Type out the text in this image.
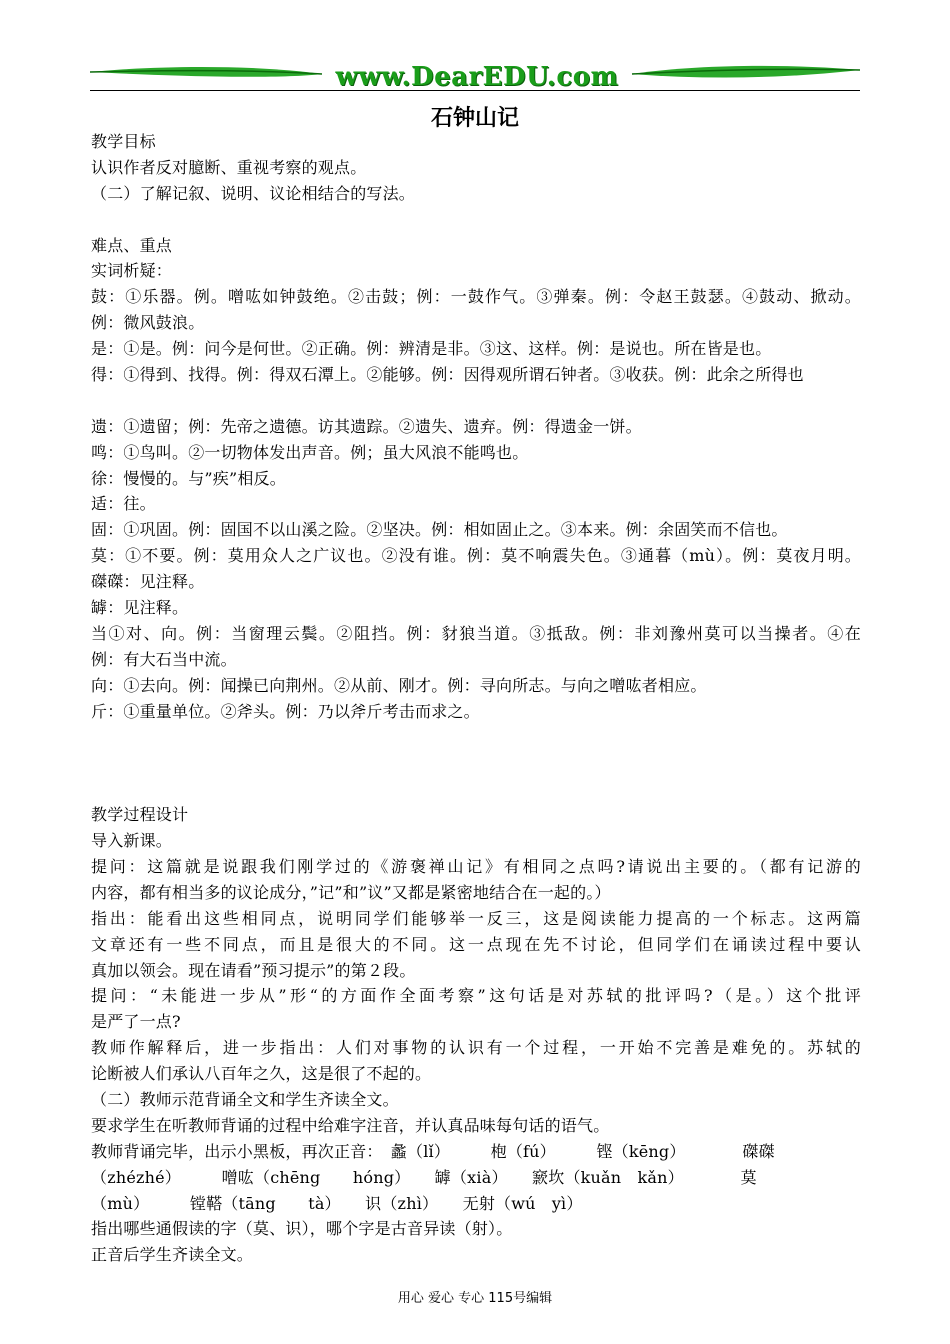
www.DearEDU.com
石钟山记
教学目标
认识作者反对臆断、重视考察的观点。
（二）了解记叙、说明、议论相结合的写法。
难点、重点
实词析疑：
鼓：①乐器。例。噌吰如钟鼓绝。②击鼓；例：一鼓作气。③弹秦。例：令赵王鼓瑟。④鼓动、掀动。
例：微风鼓浪。
是：①是。例：问今是何世。②正确。例：辨清是非。③这、这样。例：是说也。所在皆是也。
得：①得到、找得。例：得双石潭上。②能够。例：因得观所谓石钟者。③收获。例：此余之所得也
遗：①遗留；例：先帝之遗德。访其遗踪。②遗失、遗弃。例：得遗金一饼。
鸣：①鸟叫。②一切物体发出声音。例；虽大风浪不能鸣也。
徐：慢慢的。与”疾”相反。
适：往。
固：①巩固。例：固国不以山溪之险。②坚决。例：相如固止之。③本来。例：余固笑而不信也。
莫：①不要。例：莫用众人之广议也。②没有谁。例：莫不响震失色。③通暮（mù）。例：莫夜月明。
磔磔：见注释。
罅：见注释。
当①对、向。例：当窗理云鬓。②阻挡。例：豺狼当道。③抵敌。例：非刘豫州莫可以当操者。④在
例：有大石当中流。
向：①去向。例：闻操已向荆州。②从前、刚才。例：寻向所志。与向之噌吰者相应。
斤：①重量单位。②斧头。例：乃以斧斤考击而求之。
教学过程设计
导入新课。
提问：这篇就是说跟我们刚学过的《游褒禅山记》有相同之点吗?请说出主要的。（都有记游的
内容，都有相当多的议论成分，”记”和”议”又都是紧密地结合在一起的。）
指出：能看出这些相同点，说明同学们能够举一反三，这是阅读能力提高的一个标志。这两篇
文章还有一些不同点，而且是很大的不同。这一点现在先不讨论，但同学们在诵读过程中要认
真加以领会。现在请看”预习提示”的第２段。
提问：“未能进一步从”形“的方面作全面考察”这句话是对苏轼的批评吗?（是。）这个批评
是严了一点?
教师作解释后，进一步指出：人们对事物的认识有一个过程，一开始不完善是难免的。苏轼的
论断被人们承认八百年之久，这是很了不起的。
（二）教师示范背诵全文和学生齐读全文。
要求学生在听教师背诵的过程中给难字注音，并认真品味每句话的语气。
教师背诵完毕，出示小黑板，再次正音：　蠡（lǐ）　　　枹（fú）　　　铿（kēng）　　　　磔磔
（zhézhé）　　　噌吰（chēng　　hóng）　　罅（xià）　　窾坎（kuǎn　kǎn）　　　　莫
（mù）　　　镗鞳（tāng　　tà）　　识（zhì）　　无射（wú　yì）
指出哪些通假读的字（莫、识），哪个字是古音异读（射）。
正音后学生齐读全文。
用心 爱心 专心 115号编辑
